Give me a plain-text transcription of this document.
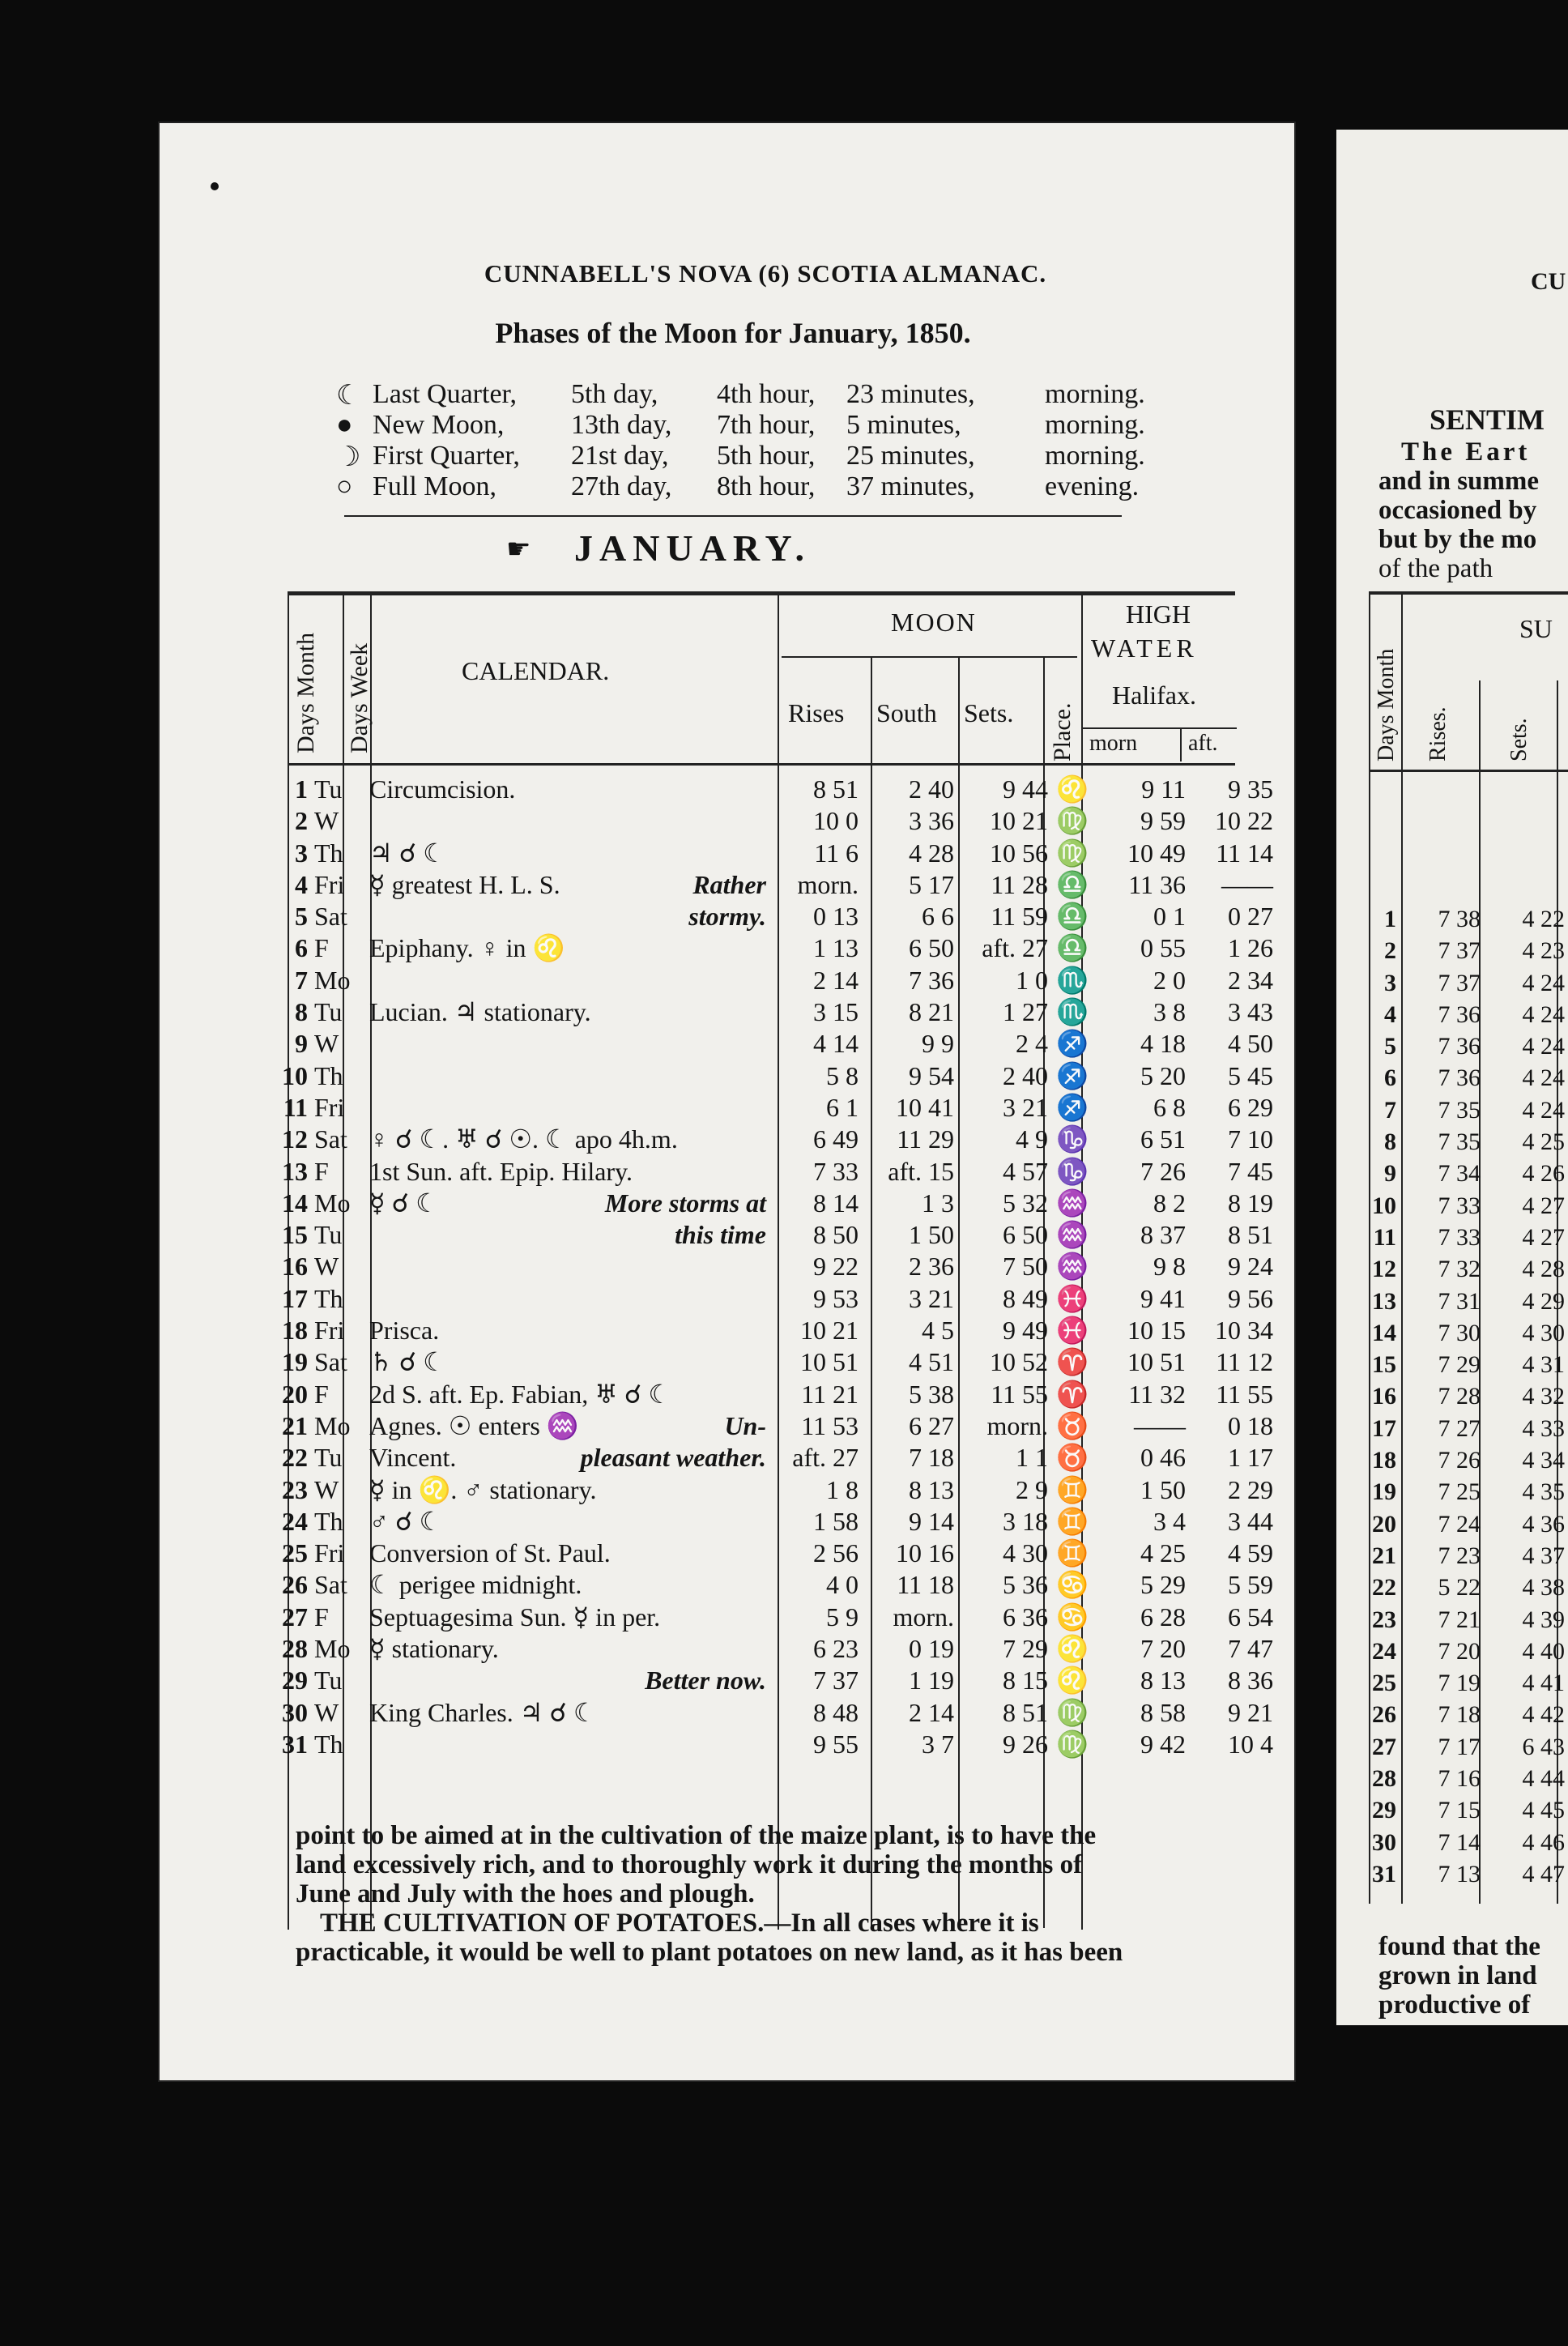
CUNNABELL'S NOVA (6) SCOTIA ALMANAC.
Phases of the Moon for January, 1850.
☾ Last Quarter, 5th day, 4th hour, 23 minutes,	morning.
● New Moon, 13th day, 7th hour, 5 minutes,	morning.
☽ First Quarter, 21st day, 5th hour, 25 minutes,	morning.
○ Full Moon,	27th day, 8th hour, 37 minutes,	evening.
☛	JANUARY.
Days Month Days Week	CALENDAR.
MOON
Rises South Sets. Place.
HIGH
WATER
Halifax.
morn aft.
1	Tu	Circumcision.	8 51	2 40	9 44	♌	9 11	9 35
2	W		10 0	3 36	10 21	♍	9 59	10 22
3	Th	♃ ☌ ☾	11 6	4 28	10 56	♍	10 49	11 14
4	Fri	☿ greatest H. L. S. Rather	morn.	5 17	11 28	♎	11 36	——
5	Sat	stormy.	0 13	6 6	11 59	♎	0 1	0 27
6	F	Epiphany. ♀ in ♌	1 13	6 50	aft. 27	♎	0 55	1 26
7	Mo		2 14	7 36	1 0	♏	2 0	2 34
8	Tu	Lucian. ♃ stationary.	3 15	8 21	1 27	♏	3 8	3 43
9	W		4 14	9 9	2 4	♐	4 18	4 50
10	Th		5 8	9 54	2 40	♐	5 20	5 45
11	Fri		6 1	10 41	3 21	♐	6 8	6 29
12	Sat	♀ ☌ ☾. ♅ ☌ ☉. ☾ apo 4h.m.	6 49	11 29	4 9	♑	6 51	7 10
13	F	1st Sun. aft. Epip. Hilary.	7 33	aft. 15	4 57	♑	7 26	7 45
14	Mo	☿ ☌ ☾ More storms at	8 14	1 3	5 32	♒	8 2	8 19
15	Tu	this time	8 50	1 50	6 50	♒	8 37	8 51
16	W		9 22	2 36	7 50	♒	9 8	9 24
17	Th		9 53	3 21	8 49	♓	9 41	9 56
18	Fri	Prisca.	10 21	4 5	9 49	♓	10 15	10 34
19	Sat	♄ ☌ ☾	10 51	4 51	10 52	♈	10 51	11 12
20	F	2d S. aft. Ep. Fabian, ♅ ☌ ☾	11 21	5 38	11 55	♈	11 32	11 55
21	Mo	Agnes. ☉ enters ♒ Un-	11 53	6 27	morn.	♉	——	0 18
22	Tu	Vincent. pleasant weather.	aft. 27	7 18	1 1	♉	0 46	1 17
23	W	☿ in ♌. ♂ stationary.	1 8	8 13	2 9	♊	1 50	2 29
24	Th	♂ ☌ ☾	1 58	9 14	3 18	♊	3 4	3 44
25	Fri	Conversion of St. Paul.	2 56	10 16	4 30	♊	4 25	4 59
26	Sat	☾ perigee midnight.	4 0	11 18	5 36	♋	5 29	5 59
27	F	Septuagesima Sun. ☿ in per.	5 9	morn.	6 36	♋	6 28	6 54
28	Mo	☿ stationary.	6 23	0 19	7 29	♌	7 20	7 47
29	Tu	Better now.	7 37	1 19	8 15	♌	8 13	8 36
30	W	King Charles. ♃ ☌ ☾	8 48	2 14	8 51	♍	8 58	9 21
31	Th		9 55	3 7	9 26	♍	9 42	10 4
point to be aimed at in the cultivation of the maize plant, is to have the
land excessively rich, and to thoroughly work it during the months of
June and July with the hoes and plough.
THE CULTIVATION OF POTATOES.—In all cases where it is
practicable, it would be well to plant potatoes on new land, as it has been
CU
SENTIM
The Eart
and in summe
occasioned by
but by the mo
of the path
Days Month Rises. Sets.
SU
1	7 38	4 22
2	7 37	4 23
3	7 37	4 24
4	7 36	4 24
5	7 36	4 24
6	7 36	4 24
7	7 35	4 24
8	7 35	4 25
9	7 34	4 26
10	7 33	4 27
11	7 33	4 27
12	7 32	4 28
13	7 31	4 29
14	7 30	4 30
15	7 29	4 31
16	7 28	4 32
17	7 27	4 33
18	7 26	4 34
19	7 25	4 35
20	7 24	4 36
21	7 23	4 37
22	5 22	4 38
23	7 21	4 39
24	7 20	4 40
25	7 19	4 41
26	7 18	4 42
27	7 17	6 43
28	7 16	4 44
29	7 15	4 45
30	7 14	4 46
31	7 13	4 47
found that the
grown in land
productive of
